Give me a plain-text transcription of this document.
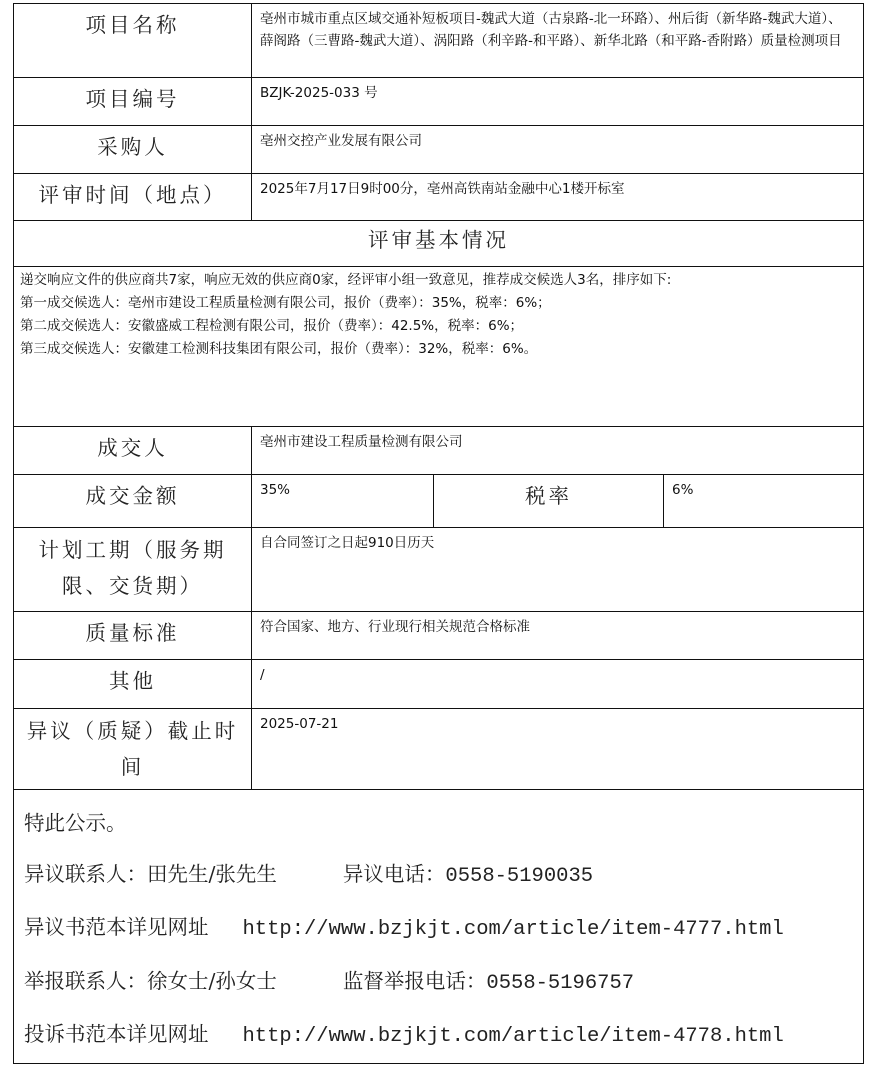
项目名称	亳州市城市重点区域交通补短板项目-魏武大道（古泉路-北一环路）、州后街（新华路-魏武大道）、薛阁路（三曹路-魏武大道）、涡阳路（利辛路-和平路）、新华北路（和平路-香附路）质量检测项目		
项目编号	BZJK-2025-033 号		
采购人	亳州交控产业发展有限公司		
评审时间（地点）	2025年7月17日9时00分，亳州高铁南站金融中心1楼开标室		
评审基本情况			

递交响应文件的供应商共7家，响应无效的供应商0家，经评审小组一致意见，推荐成交候选人3名，排序如下:
第一成交候选人：亳州市建设工程质量检测有限公司，报价（费率）：35%，税率：6%；
第二成交候选人：安徽盛威工程检测有限公司，报价（费率）：42.5%，税率：6%；
第三成交候选人：安徽建工检测科技集团有限公司，报价（费率）：32%，税率：6%。			

成交人	亳州市建设工程质量检测有限公司		
成交金额	35%	税率	6%

计划工期（服务期
限、交货期）	自合同签订之日起910日历天		
质量标准	符合国家、地方、行业现行相关规范合格标准		
其他	/		

异议（质疑）截止时
间	2025-07-21		

特此公示。
异议联系人：田先生/张先生 异议电话：0558-5190035
异议书范本详见网址 http://www.bzjkjt.com/article/item-4777.html
举报联系人：徐女士/孙女士 监督举报电话：0558-5196757
投诉书范本详见网址 http://www.bzjkjt.com/article/item-4778.html			
